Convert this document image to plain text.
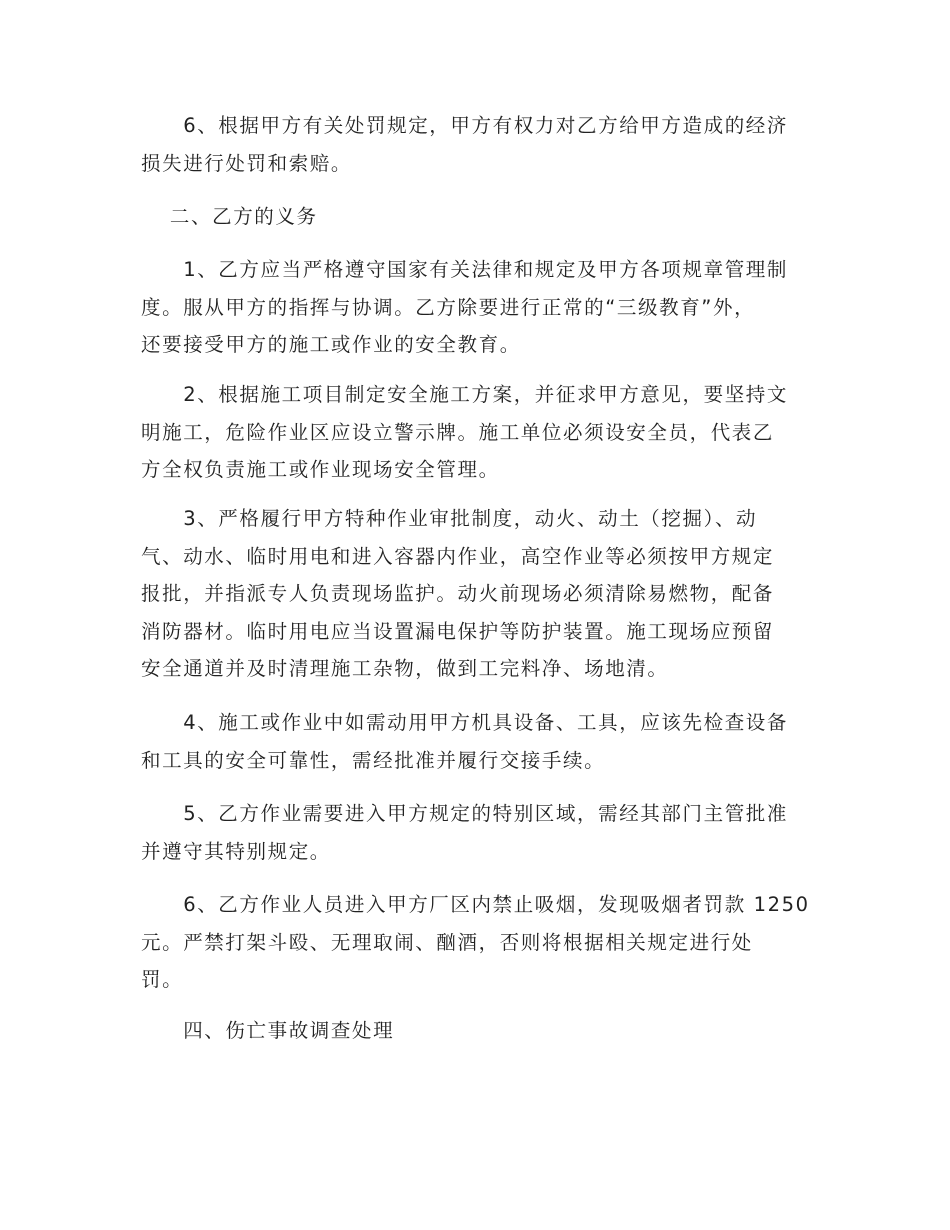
　　6、根据甲方有关处罚规定，甲方有权力对乙方给甲方造成的经济
损失进行处罚和索赔。

　 二、乙方的义务

　　1、乙方应当严格遵守国家有关法律和规定及甲方各项规章管理制
度。服从甲方的指挥与协调。乙方除要进行正常的“三级教育”外，
还要接受甲方的施工或作业的安全教育。

　　2、根据施工项目制定安全施工方案，并征求甲方意见，要坚持文
明施工，危险作业区应设立警示牌。施工单位必须设安全员，代表乙
方全权负责施工或作业现场安全管理。

　　3、严格履行甲方特种作业审批制度，动火、动土（挖掘）、动
气、动水、临时用电和进入容器内作业，高空作业等必须按甲方规定
报批，并指派专人负责现场监护。动火前现场必须清除易燃物，配备
消防器材。临时用电应当设置漏电保护等防护装置。施工现场应预留
安全通道并及时清理施工杂物，做到工完料净、场地清。

　　4、施工或作业中如需动用甲方机具设备、工具，应该先检查设备
和工具的安全可靠性，需经批准并履行交接手续。

　　5、乙方作业需要进入甲方规定的特别区域，需经其部门主管批准
并遵守其特别规定。

　　6、乙方作业人员进入甲方厂区内禁止吸烟，发现吸烟者罚款 1250
元。严禁打架斗殴、无理取闹、酗酒，否则将根据相关规定进行处
罚。

　　四、伤亡事故调查处理
